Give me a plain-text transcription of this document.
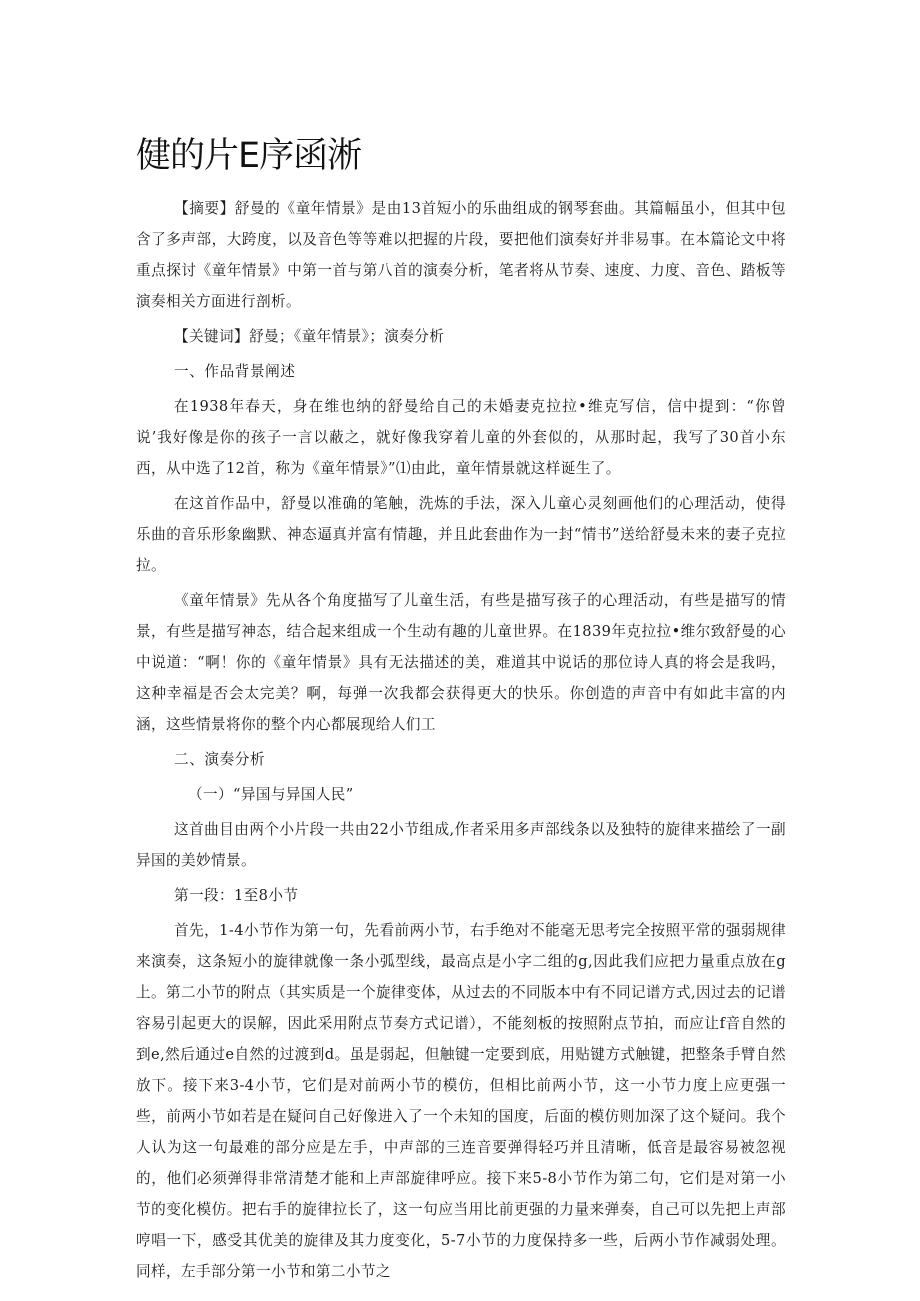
健的片E序函淅

【摘要】舒曼的《童年情景》是由13首短小的乐曲组成的钢琴套曲。其篇幅虽小，但其中包含了多声部，大跨度，以及音色等等难以把握的片段，要把他们演奏好并非易事。在本篇论文中将重点探讨《童年情景》中第一首与第八首的演奏分析，笔者将从节奏、速度、力度、音色、踏板等演奏相关方面进行剖析。

【关键词】舒曼；《童年情景》；演奏分析

一、作品背景阐述

在1938年春天，身在维也纳的舒曼给自己的未婚妻克拉拉•维克写信，信中提到：“你曾说’我好像是你的孩子一言以蔽之，就好像我穿着儿童的外套似的，从那时起，我写了30首小东西，从中选了12首，称为《童年情景》”⑴由此，童年情景就这样诞生了。

在这首作品中，舒曼以准确的笔触，洗炼的手法，深入儿童心灵刻画他们的心理活动，使得乐曲的音乐形象幽默、神态逼真并富有情趣，并且此套曲作为一封“情书”送给舒曼未来的妻子克拉拉。

《童年情景》先从各个角度描写了儿童生活，有些是描写孩子的心理活动，有些是描写的情景，有些是描写神态，结合起来组成一个生动有趣的儿童世界。在1839年克拉拉•维尔致舒曼的心中说道：“啊！你的《童年情景》具有无法描述的美，难道其中说话的那位诗人真的将会是我吗，这种幸福是否会太完美？啊，每弹一次我都会获得更大的快乐。你创造的声音中有如此丰富的内涵，这些情景将你的整个内心都展现给人们工

二、演奏分析

（一）“异国与异国人民”

这首曲目由两个小片段一共由22小节组成,作者采用多声部线条以及独特的旋律来描绘了一副异国的美妙情景。

第一段：1至8小节

首先，1-4小节作为第一句，先看前两小节，右手绝对不能毫无思考完全按照平常的强弱规律来演奏，这条短小的旋律就像一条小弧型线，最高点是小字二组的g,因此我们应把力量重点放在g上。第二小节的附点（其实质是一个旋律变体，从过去的不同版本中有不同记谱方式,因过去的记谱容易引起更大的误解，因此采用附点节奏方式记谱），不能刻板的按照附点节拍，而应让f音自然的到e,然后通过e自然的过渡到d。虽是弱起，但触键一定要到底，用贴键方式触键，把整条手臂自然放下。接下来3-4小节，它们是对前两小节的模仿，但相比前两小节，这一小节力度上应更强一些，前两小节如若是在疑问自己好像进入了一个未知的国度，后面的模仿则加深了这个疑问。我个人认为这一句最难的部分应是左手，中声部的三连音要弹得轻巧并且清晰，低音是最容易被忽视的，他们必须弹得非常清楚才能和上声部旋律呼应。接下来5-8小节作为第二句，它们是对第一小节的变化模仿。把右手的旋律拉长了，这一句应当用比前更强的力量来弹奏，自己可以先把上声部哼唱一下，感受其优美的旋律及其力度变化，5-7小节的力度保持多一些，后两小节作减弱处理。同样，左手部分第一小节和第二小节之
